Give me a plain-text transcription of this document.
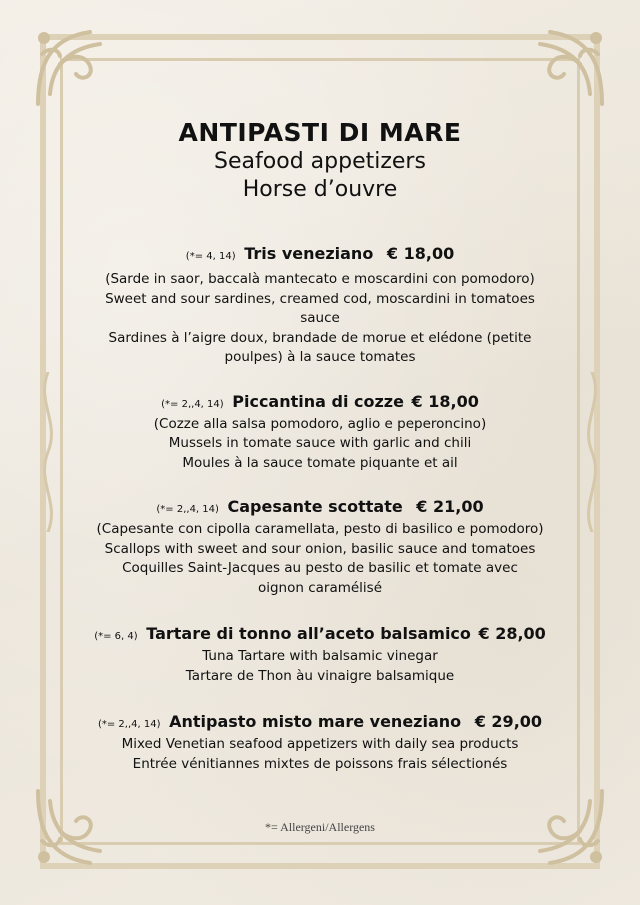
ANTIPASTI DI MARE
Seafood appetizers
Horse d’ouvre
(*= 4, 14) Tris veneziano € 18,00
(Sarde in saor, baccalà mantecato e moscardini con pomodoro)
Sweet and sour sardines, creamed cod, moscardini in tomatoes
sauce
Sardines à l’aigre doux, brandade de morue et elédone (petite
poulpes) à la sauce tomates
(*= 2,,4, 14) Piccantina di cozze € 18,00
(Cozze alla salsa pomodoro, aglio e peperoncino)
Mussels in tomate sauce with garlic and chili
Moules à la sauce tomate piquante et ail
(*= 2,,4, 14) Capesante scottate € 21,00
(Capesante con cipolla caramellata, pesto di basilico e pomodoro)
Scallops with sweet and sour onion, basilic sauce and tomatoes
Coquilles Saint-Jacques au pesto de basilic et tomate avec
oignon caramélisé
(*= 6, 4) Tartare di tonno all’aceto balsamico € 28,00
Tuna Tartare with balsamic vinegar
Tartare de Thon àu vinaigre balsamique
(*= 2,,4, 14) Antipasto misto mare veneziano € 29,00
Mixed Venetian seafood appetizers with daily sea products
Entrée vénitiannes mixtes de poissons frais sélectionés
*= Allergeni/Allergens
